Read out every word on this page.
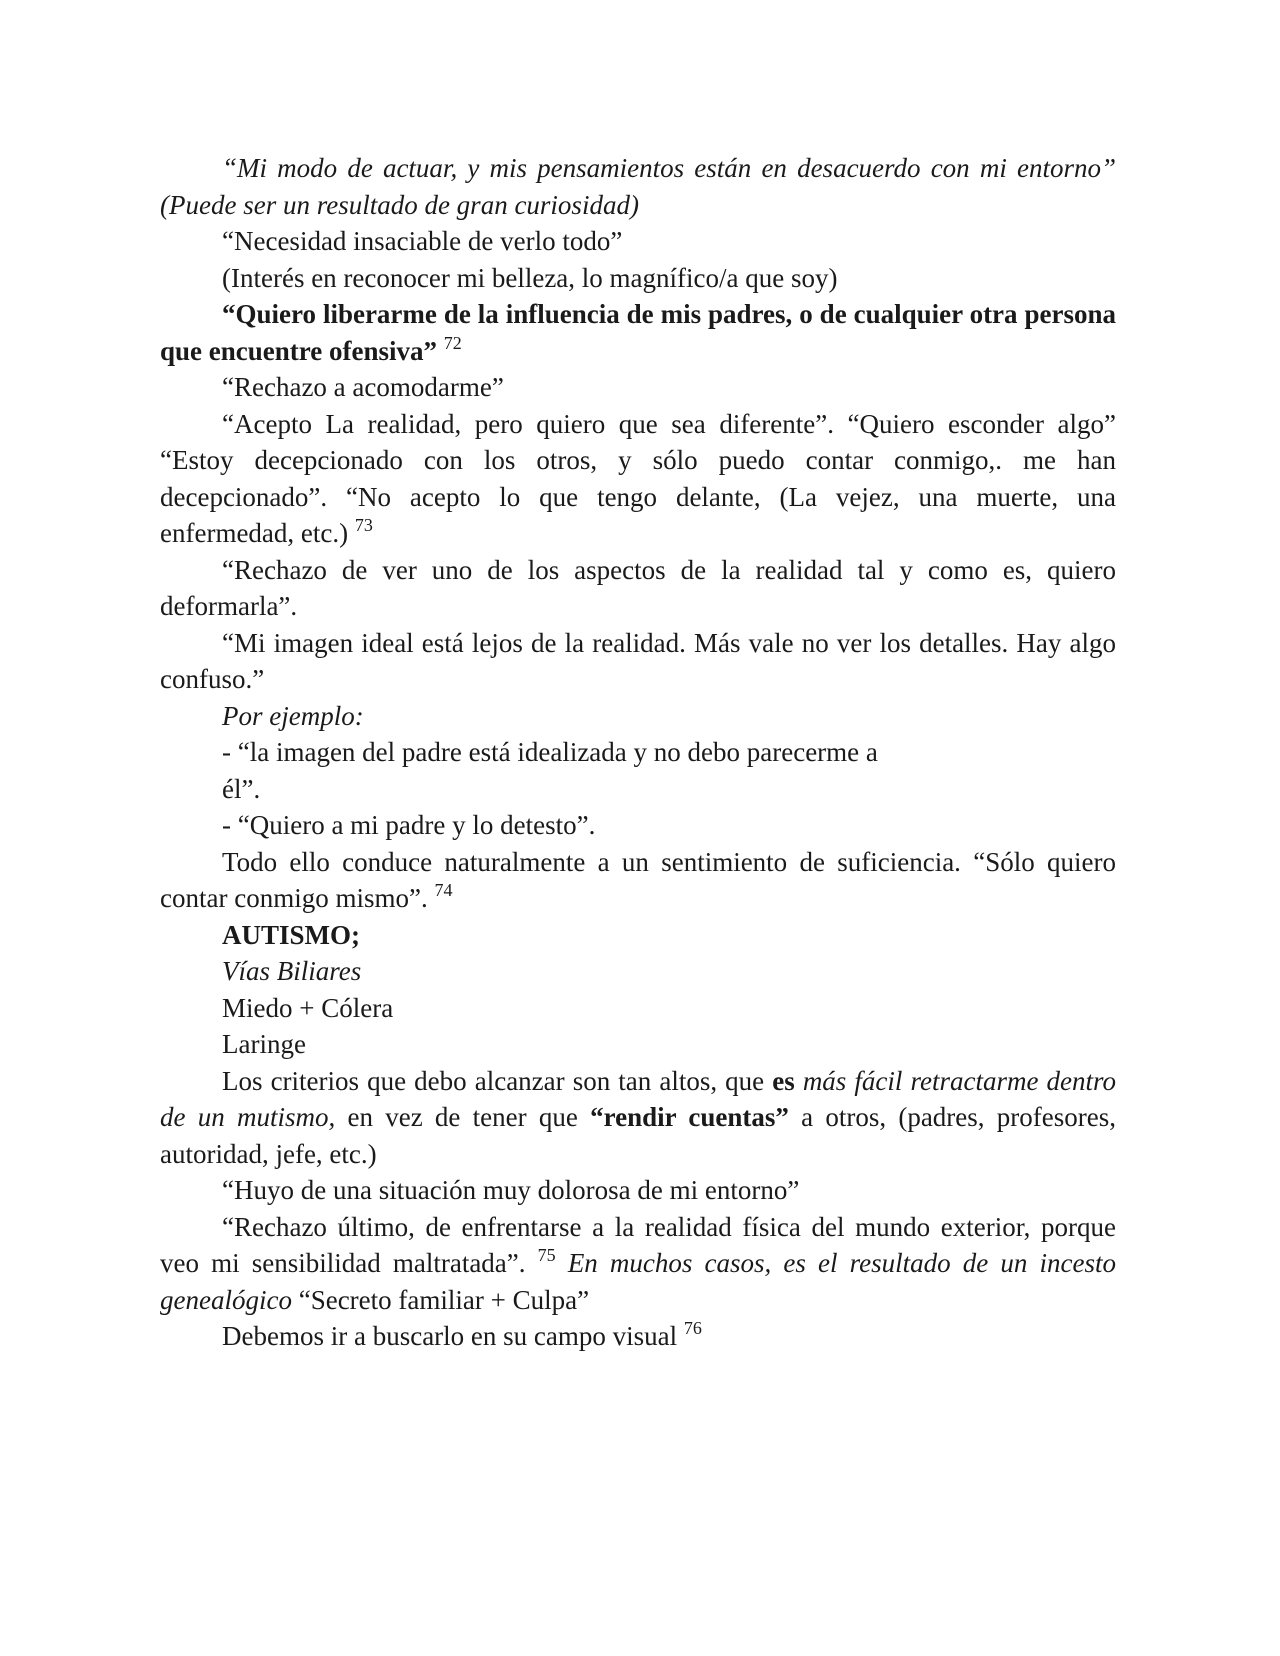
“Mi modo de actuar, y mis pensamientos están en desacuerdo con mi entorno” (Puede ser un resultado de gran curiosidad)

“Necesidad insaciable de verlo todo”

(Interés en reconocer mi belleza, lo magnífico/a que soy)

“Quiero liberarme de la influencia de mis padres, o de cualquier otra persona que encuentre ofensiva” $^{72}$

“Rechazo a acomodarme”

“Acepto La realidad, pero quiero que sea diferente”. “Quiero esconder algo” “Estoy decepcionado con los otros, y sólo puedo contar conmigo,. me han decepcionado”. “No acepto lo que tengo delante, (La vejez, una muerte, una enfermedad, etc.) $^{73}$

“Rechazo de ver uno de los aspectos de la realidad tal y como es, quiero deformarla”.

“Mi imagen ideal está lejos de la realidad. Más vale no ver los detalles. Hay algo confuso.”

Por ejemplo:

- “la imagen del padre está idealizada y no debo parecerme a

él”.

- “Quiero a mi padre y lo detesto”.

Todo ello conduce naturalmente a un sentimiento de suficiencia. “Sólo quiero contar conmigo mismo”. $^{74}$

AUTISMO;

Vías Biliares

Miedo + Cólera

Laringe

Los criterios que debo alcanzar son tan altos, que es más fácil retractarme dentro de un mutismo, en vez de tener que “rendir cuentas” a otros, (padres, profesores, autoridad, jefe, etc.)

“Huyo de una situación muy dolorosa de mi entorno”

“Rechazo último, de enfrentarse a la realidad física del mundo exterior, porque veo mi sensibilidad maltratada”. $^{75}$ En muchos casos, es el resultado de un incesto genealógico “Secreto familiar + Culpa”

Debemos ir a buscarlo en su campo visual $^{76}$
